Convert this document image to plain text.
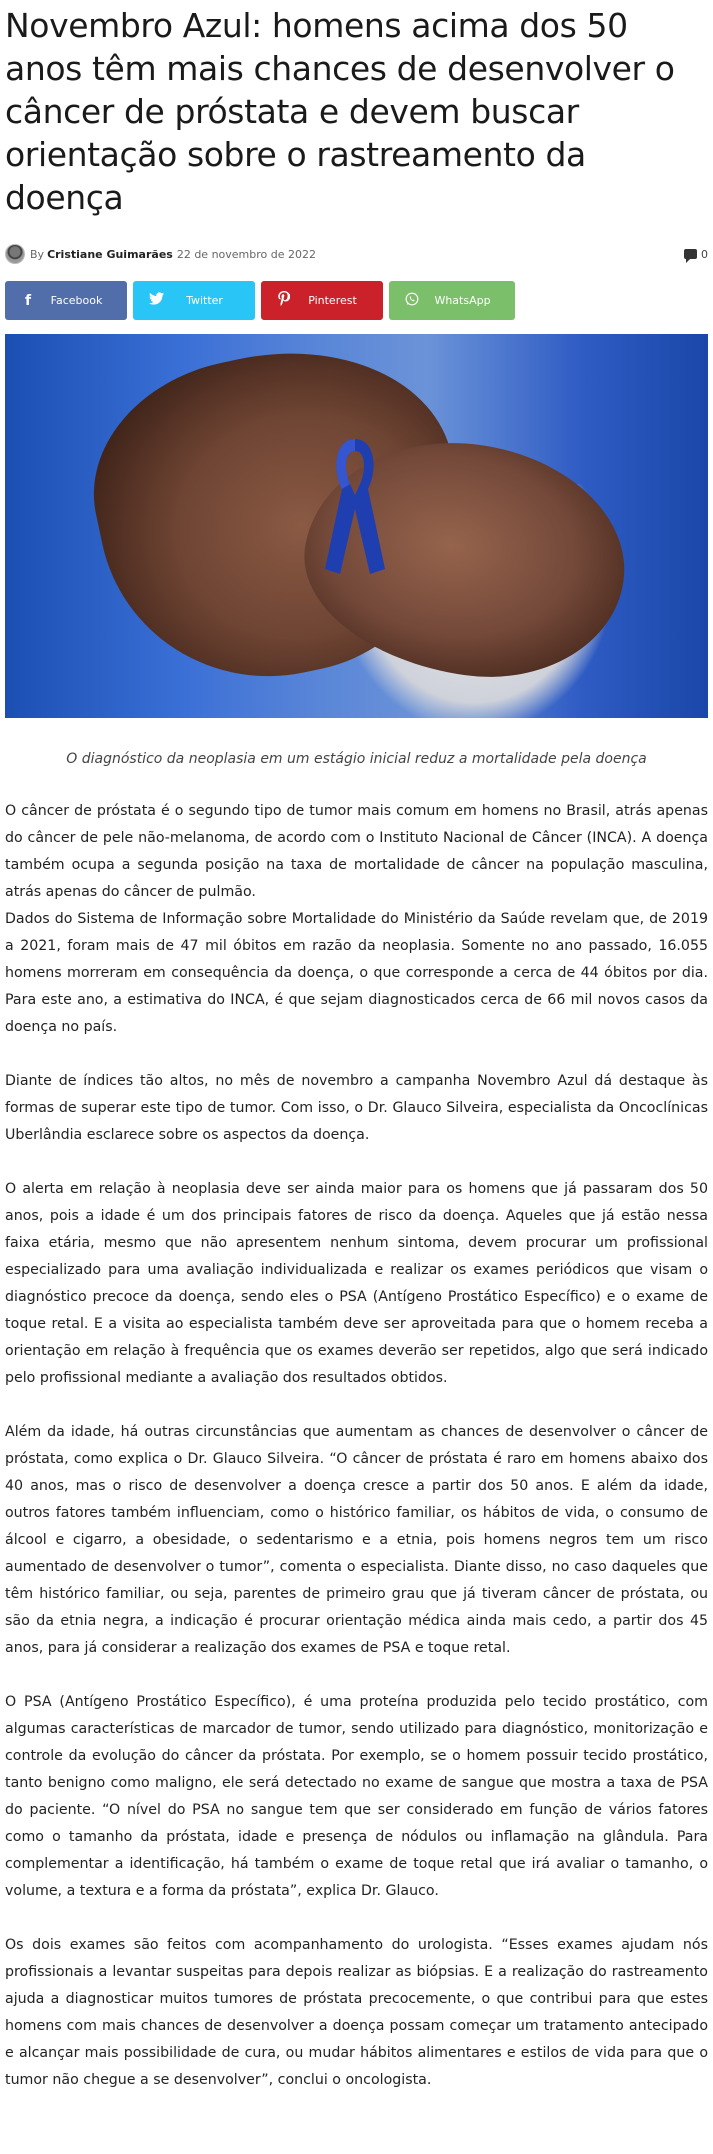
Novembro Azul: homens acima dos 50 anos têm mais chances de desenvolver o câncer de próstata e devem buscar orientação sobre o rastreamento da doença
By Cristiane Guimarães 22 de novembro de 2022	0
f	Facebook	Twitter	Pinterest	WhatsApp

O diagnóstico da neoplasia em um estágio inicial reduz a mortalidade pela doença

O câncer de próstata é o segundo tipo de tumor mais comum em homens no Brasil, atrás apenas do câncer de pele não-melanoma, de acordo com o Instituto Nacional de Câncer (INCA). A doença também ocupa a segunda posição na taxa de mortalidade de câncer na população masculina, atrás apenas do câncer de pulmão.

Dados do Sistema de Informação sobre Mortalidade do Ministério da Saúde revelam que, de 2019 a 2021, foram mais de 47 mil óbitos em razão da neoplasia. Somente no ano passado, 16.055 homens morreram em consequência da doença, o que corresponde a cerca de 44 óbitos por dia. Para este ano, a estimativa do INCA, é que sejam diagnosticados cerca de 66 mil novos casos da doença no país.

Diante de índices tão altos, no mês de novembro a campanha Novembro Azul dá destaque às formas de superar este tipo de tumor. Com isso, o Dr. Glauco Silveira, especialista da Oncoclínicas Uberlândia esclarece sobre os aspectos da doença.

O alerta em relação à neoplasia deve ser ainda maior para os homens que já passaram dos 50 anos, pois a idade é um dos principais fatores de risco da doença. Aqueles que já estão nessa faixa etária, mesmo que não apresentem nenhum sintoma, devem procurar um profissional especializado para uma avaliação individualizada e realizar os exames periódicos que visam o diagnóstico precoce da doença, sendo eles o PSA (Antígeno Prostático Específico) e o exame de toque retal. E a visita ao especialista também deve ser aproveitada para que o homem receba a orientação em relação à frequência que os exames deverão ser repetidos, algo que será indicado pelo profissional mediante a avaliação dos resultados obtidos.

Além da idade, há outras circunstâncias que aumentam as chances de desenvolver o câncer de próstata, como explica o Dr. Glauco Silveira. “O câncer de próstata é raro em homens abaixo dos 40 anos, mas o risco de desenvolver a doença cresce a partir dos 50 anos. E além da idade, outros fatores também influenciam, como o histórico familiar, os hábitos de vida, o consumo de álcool e cigarro, a obesidade, o sedentarismo e a etnia, pois homens negros tem um risco aumentado de desenvolver o tumor”, comenta o especialista. Diante disso, no caso daqueles que têm histórico familiar, ou seja, parentes de primeiro grau que já tiveram câncer de próstata, ou são da etnia negra, a indicação é procurar orientação médica ainda mais cedo, a partir dos 45 anos, para já considerar a realização dos exames de PSA e toque retal.

O PSA (Antígeno Prostático Específico), é uma proteína produzida pelo tecido prostático, com algumas características de marcador de tumor, sendo utilizado para diagnóstico, monitorização e controle da evolução do câncer da próstata. Por exemplo, se o homem possuir tecido prostático, tanto benigno como maligno, ele será detectado no exame de sangue que mostra a taxa de PSA do paciente. “O nível do PSA no sangue tem que ser considerado em função de vários fatores como o tamanho da próstata, idade e presença de nódulos ou inflamação na glândula. Para complementar a identificação, há também o exame de toque retal que irá avaliar o tamanho, o volume, a textura e a forma da próstata”, explica Dr. Glauco.

Os dois exames são feitos com acompanhamento do urologista. “Esses exames ajudam nós profissionais a levantar suspeitas para depois realizar as biópsias. E a realização do rastreamento ajuda a diagnosticar muitos tumores de próstata precocemente, o que contribui para que estes homens com mais chances de desenvolver a doença possam começar um tratamento antecipado e alcançar mais possibilidade de cura, ou mudar hábitos alimentares e estilos de vida para que o tumor não chegue a se desenvolver”, conclui o oncologista.
